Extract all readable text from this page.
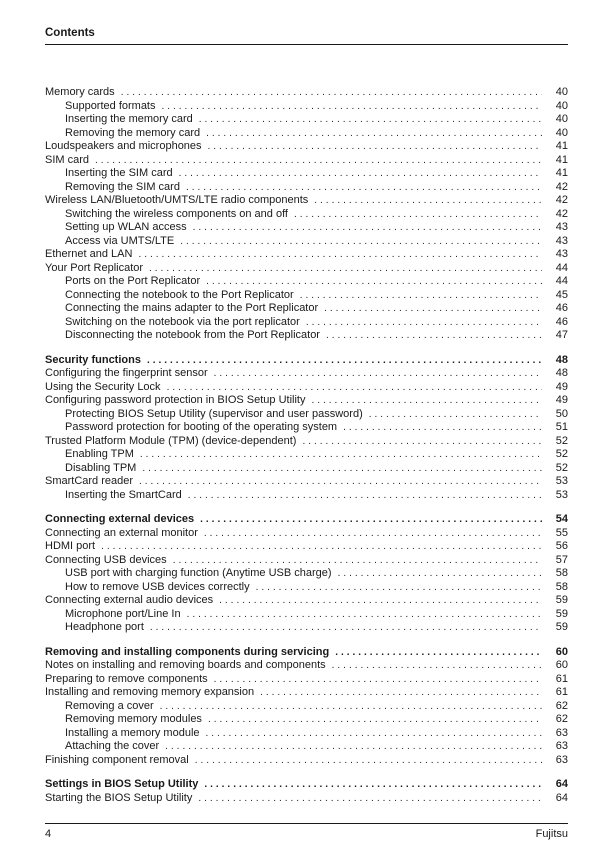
Contents
Memory cards . . .	40
Supported formats . . .	40
Inserting the memory card . . .	40
Removing the memory card . . .	40
Loudspeakers and microphones . . .	41
SIM card . . .	41
Inserting the SIM card . . .	41
Removing the SIM card . . .	42
Wireless LAN/Bluetooth/UMTS/LTE radio components . . .	42
Switching the wireless components on and off . . .	42
Setting up WLAN access . . .	43
Access via UMTS/LTE . . .	43
Ethernet and LAN . . .	43
Your Port Replicator . . .	44
Ports on the Port Replicator . . .	44
Connecting the notebook to the Port Replicator . . .	45
Connecting the mains adapter to the Port Replicator . . .	46
Switching on the notebook via the port replicator . . .	46
Disconnecting the notebook from the Port Replicator . . .	47
Security functions . . .	48
Configuring the fingerprint sensor . . .	48
Using the Security Lock . . .	49
Configuring password protection in BIOS Setup Utility . . .	49
Protecting BIOS Setup Utility (supervisor and user password) . . .	50
Password protection for booting of the operating system . . .	51
Trusted Platform Module (TPM) (device-dependent) . . .	52
Enabling TPM . . .	52
Disabling TPM . . .	52
SmartCard reader . . .	53
Inserting the SmartCard . . .	53
Connecting external devices . . .	54
Connecting an external monitor . . .	55
HDMI port . . .	56
Connecting USB devices . . .	57
USB port with charging function (Anytime USB charge) . . .	58
How to remove USB devices correctly . . .	58
Connecting external audio devices . . .	59
Microphone port/Line In . . .	59
Headphone port . . .	59
Removing and installing components during servicing . . .	60
Notes on installing and removing boards and components . . .	60
Preparing to remove components . . .	61
Installing and removing memory expansion . . .	61
Removing a cover . . .	62
Removing memory modules . . .	62
Installing a memory module . . .	63
Attaching the cover . . .	63
Finishing component removal . . .	63
Settings in BIOS Setup Utility . . .	64
Starting the BIOS Setup Utility . . .	64
4	Fujitsu
